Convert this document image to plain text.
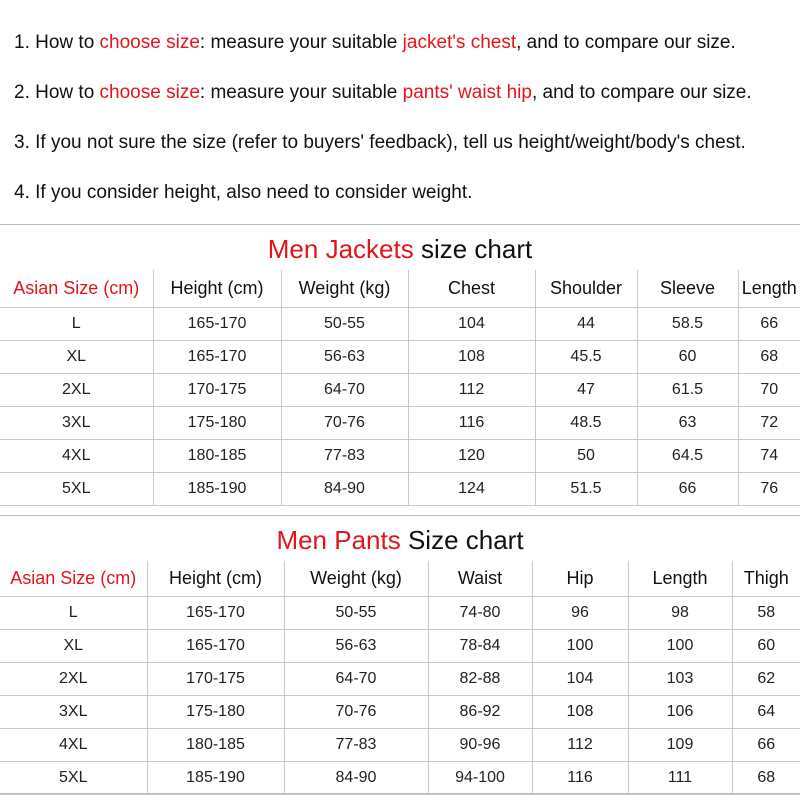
1. How to choose size: measure your suitable jacket's chest, and to compare our size.
2. How to choose size: measure your suitable pants' waist hip, and to compare our size.
3. If you not sure the size (refer to buyers' feedback), tell us height/weight/body's chest.
4. If you consider height, also need to consider weight.
Men Jackets size chart
Asian Size (cm)	Height (cm)	Weight (kg)	Chest	Shoulder	Sleeve	Length
L	165-170	50-55	104	44	58.5	66
XL	165-170	56-63	108	45.5	60	68
2XL	170-175	64-70	112	47	61.5	70
3XL	175-180	70-76	116	48.5	63	72
4XL	180-185	77-83	120	50	64.5	74
5XL	185-190	84-90	124	51.5	66	76
Men Pants Size chart
Asian Size (cm)	Height (cm)	Weight (kg)	Waist	Hip	Length	Thigh
L	165-170	50-55	74-80	96	98	58
XL	165-170	56-63	78-84	100	100	60
2XL	170-175	64-70	82-88	104	103	62
3XL	175-180	70-76	86-92	108	106	64
4XL	180-185	77-83	90-96	112	109	66
5XL	185-190	84-90	94-100	116	111	68
